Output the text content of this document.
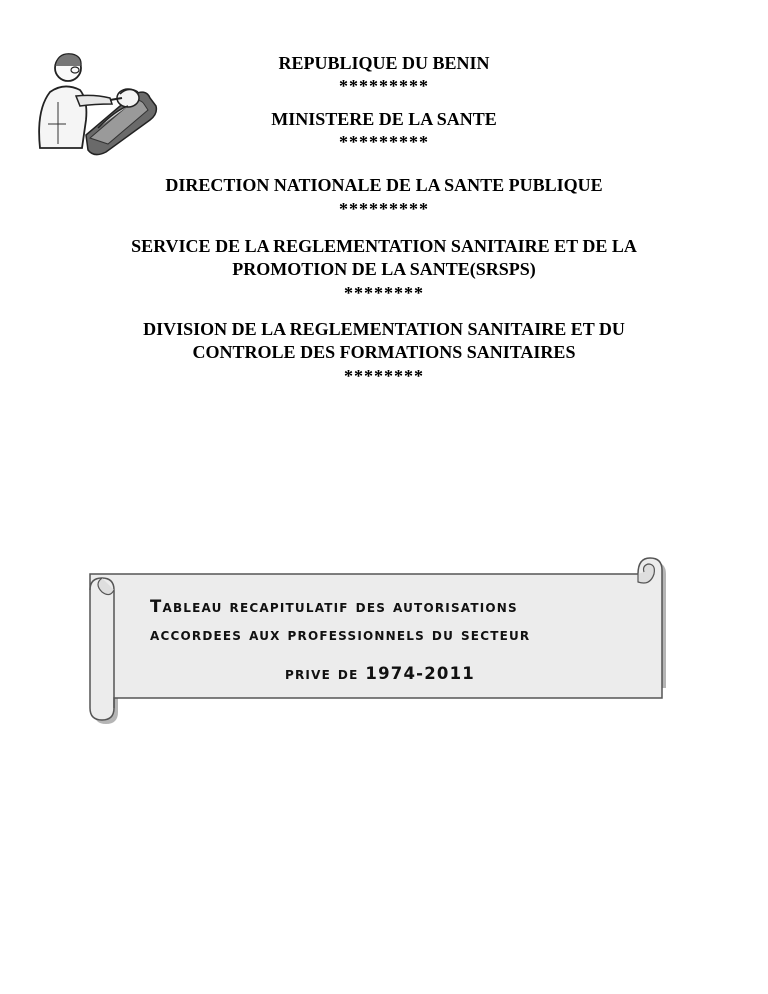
REPUBLIQUE DU BENIN
*********
MINISTERE DE LA SANTE
*********
DIRECTION NATIONALE DE LA SANTE PUBLIQUE
*********
SERVICE DE LA REGLEMENTATION SANITAIRE ET DE LA
PROMOTION DE LA SANTE(SRSPS)
********
DIVISION DE LA REGLEMENTATION SANITAIRE ET DU
CONTROLE DES FORMATIONS SANITAIRES
********
Tableau recapitulatif des autorisations
accordees aux professionnels du secteur
prive de 1974-2011
